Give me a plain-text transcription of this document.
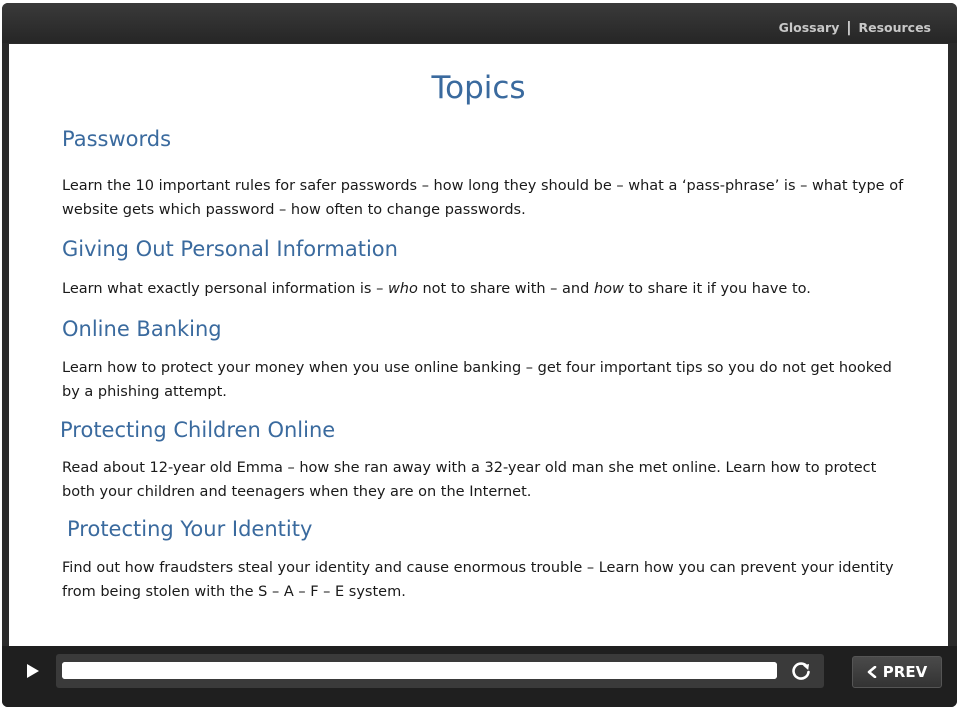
Glossary | Resources
Topics
Passwords
Learn the 10 important rules for safer passwords – how long they should be – what a ‘pass-phrase’ is – what type of website gets which password – how often to change passwords.
Giving Out Personal Information
Learn what exactly personal information is – who not to share with – and how to share it if you have to.
Online Banking
Learn how to protect your money when you use online banking – get four important tips so you do not get hooked by a phishing attempt.
Protecting Children Online
Read about 12-year old Emma – how she ran away with a 32-year old man she met online. Learn how to protect both your children and teenagers when they are on the Internet.
Protecting Your Identity
Find out how fraudsters steal your identity and cause enormous trouble – Learn how you can prevent your identity from being stolen with the S – A – F – E system.
PREV
